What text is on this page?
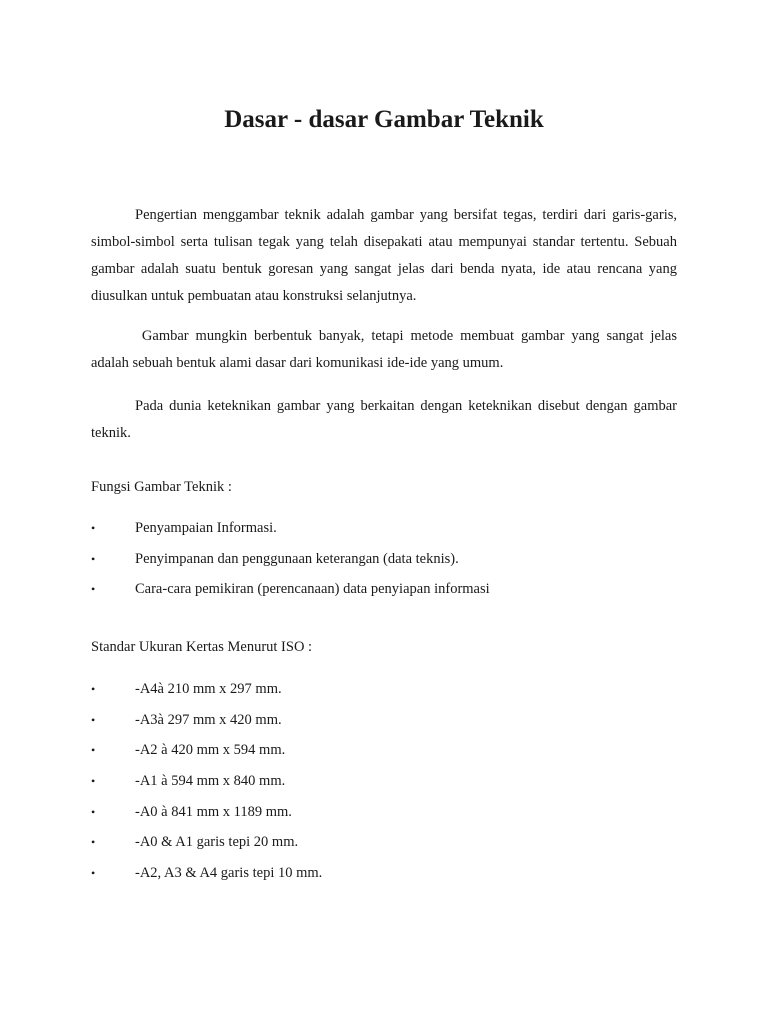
Dasar - dasar Gambar Teknik

Pengertian menggambar teknik adalah gambar yang bersifat tegas, terdiri dari garis-garis, simbol-simbol serta tulisan tegak yang telah disepakati atau mempunyai standar tertentu. Sebuah gambar adalah suatu bentuk goresan yang sangat jelas dari benda nyata, ide atau rencana yang diusulkan untuk pembuatan atau konstruksi selanjutnya.

Gambar mungkin berbentuk banyak, tetapi metode membuat gambar yang sangat jelas adalah sebuah bentuk alami dasar dari komunikasi ide-ide yang umum.

Pada dunia keteknikan gambar yang berkaitan dengan keteknikan disebut dengan gambar teknik.

Fungsi Gambar Teknik :

•	Penyampaian Informasi.
•	Penyimpanan dan penggunaan keterangan (data teknis).
•	Cara-cara pemikiran (perencanaan) data penyiapan informasi

Standar Ukuran Kertas Menurut ISO :

•	-A4à 210 mm x 297 mm.
•	-A3à 297 mm x 420 mm.
•	-A2 à 420 mm x 594 mm.
•	-A1 à 594 mm x 840 mm.
•	-A0 à 841 mm x 1189 mm.
•	-A0 & A1 garis tepi 20 mm.
•	-A2, A3 & A4 garis tepi 10 mm.
